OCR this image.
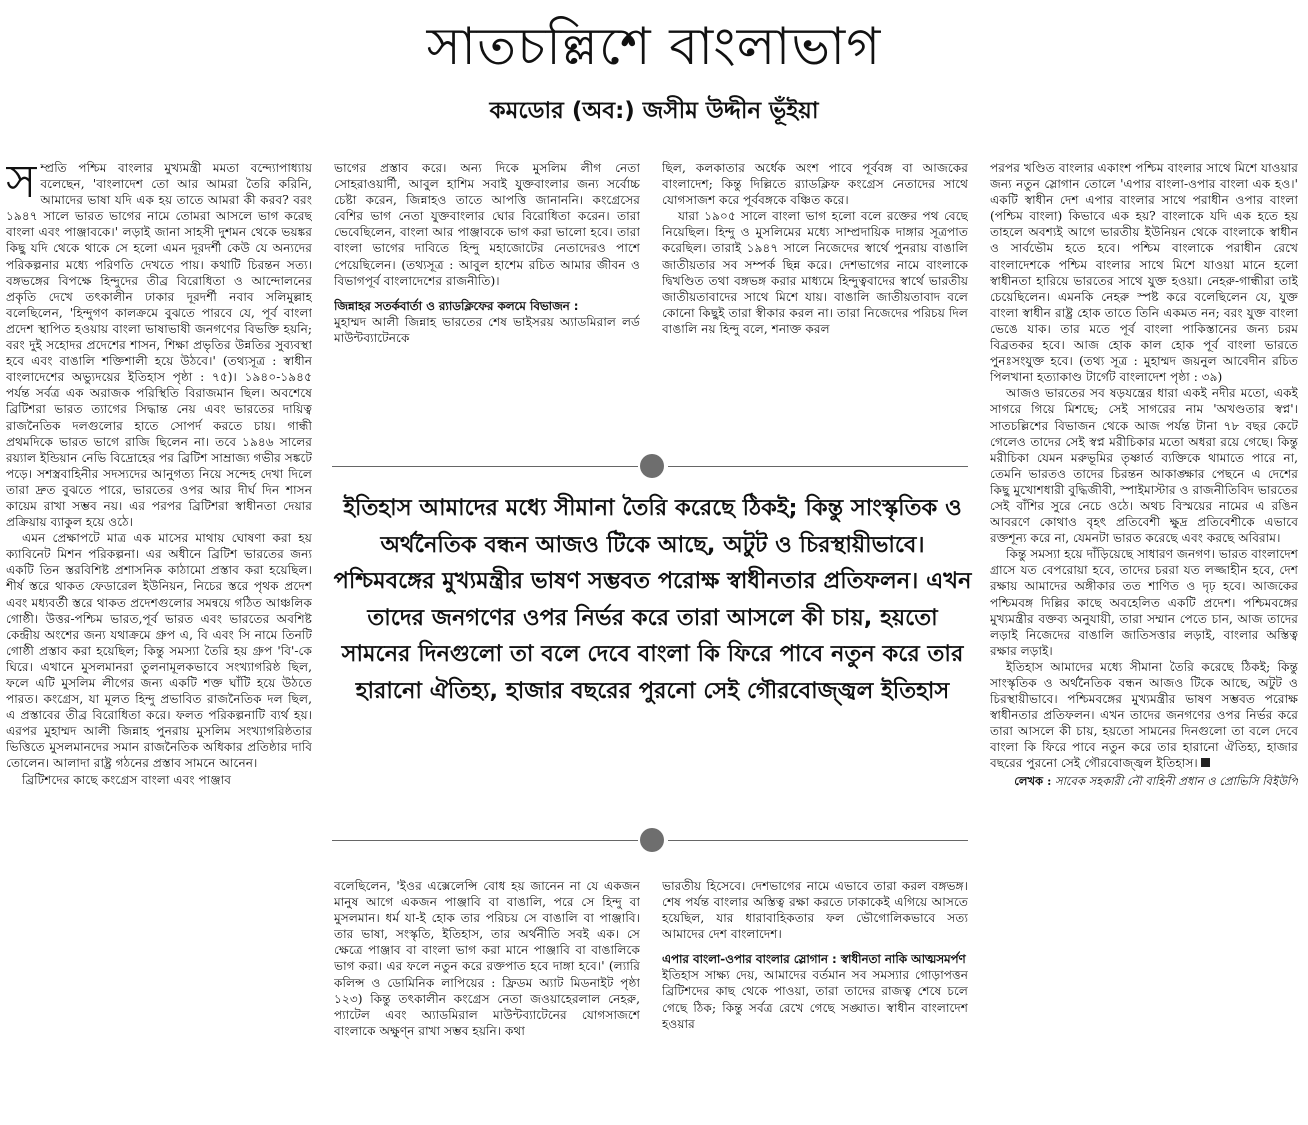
সাতচল্লিশে বাংলাভাগ
কমডোর (অব:) জসীম উদ্দীন ভূঁইয়া

সম্প্রতি পশ্চিম বাংলার মুখ্যমন্ত্রী মমতা বন্দ্যোপাধ্যায় বলেছেন, 'বাংলাদেশ তো আর আমরা তৈরি করিনি, আমাদের ভাষা যদি এক হয় তাতে আমরা কী করব? বরং ১৯৪৭ সালে ভারত ভাগের নামে তোমরা আসলে ভাগ করেছ বাংলা এবং পাঞ্জাবকে।' লড়াই জানা সাহসী দুশমন থেকে ভয়ঙ্কর কিছু যদি থেকে থাকে সে হলো এমন দূরদর্শী কেউ যে অন্যদের পরিকল্পনার মধ্যে পরিণতি দেখতে পায়। কথাটি চিরন্তন সত্য। বঙ্গভঙ্গের বিপক্ষে হিন্দুদের তীব্র বিরোধিতা ও আন্দোলনের প্রকৃতি দেখে তৎকালীন ঢাকার দূরদর্শী নবাব সলিমুল্লাহ বলেছিলেন, 'হিন্দুগণ কালক্রমে বুঝতে পারবে যে, পূর্ব বাংলা প্রদেশ স্থাপিত হওয়ায় বাংলা ভাষাভাষী জনগণের বিভক্তি হয়নি; বরং দুই সহোদর প্রদেশের শাসন, শিক্ষা প্রভৃতির উন্নতির সুব্যবস্থা হবে এবং বাঙালি শক্তিশালী হয়ে উঠবে।' (তথ্যসূত্র : স্বাধীন বাংলাদেশের অভ্যুদয়ের ইতিহাস পৃষ্ঠা : ৭৫)। ১৯৪০-১৯৪৫ পর্যন্ত সর্বত্র এক অরাজক পরিস্থিতি বিরাজমান ছিল। অবশেষে ব্রিটিশরা ভারত ত্যাগের সিদ্ধান্ত নেয় এবং ভারতের দায়িত্ব রাজনৈতিক দলগুলোর হাতে সোপর্দ করতে চায়। গান্ধী প্রথমদিকে ভারত ভাগে রাজি ছিলেন না। তবে ১৯৪৬ সালের রয়্যাল ইন্ডিয়ান নেভি বিদ্রোহের পর ব্রিটিশ সাম্রাজ্য গভীর সঙ্কটে পড়ে। সশস্ত্রবাহিনীর সদস্যদের আনুগত্য নিয়ে সন্দেহ দেখা দিলে তারা দ্রুত বুঝতে পারে, ভারতের ওপর আর দীর্ঘ দিন শাসন কায়েম রাখা সম্ভব নয়। এর পরপর ব্রিটিশরা স্বাধীনতা দেয়ার প্রক্রিয়ায় ব্যাকুল হয়ে ওঠে।

এমন প্রেক্ষাপটে মাত্র এক মাসের মাথায় ঘোষণা করা হয় ক্যাবিনেট মিশন পরিকল্পনা। এর অধীনে ব্রিটিশ ভারতের জন্য একটি তিন স্তরবিশিষ্ট প্রশাসনিক কাঠামো প্রস্তাব করা হয়েছিল। শীর্ষ স্তরে থাকত ফেডারেল ইউনিয়ন, নিচের স্তরে পৃথক প্রদেশ এবং মধ্যবর্তী স্তরে থাকত প্রদেশগুলোর সমন্বয়ে গঠিত আঞ্চলিক গোষ্ঠী। উত্তর-পশ্চিম ভারত,পূর্ব ভারত এবং ভারতের অবশিষ্ট কেন্দ্রীয় অংশের জন্য যথাক্রমে গ্রুপ এ, বি এবং সি নামে তিনটি গোষ্ঠী প্রস্তাব করা হয়েছিল; কিন্তু সমস্যা তৈরি হয় গ্রুপ 'বি'-কে ঘিরে। এখানে মুসলমানরা তুলনামূলকভাবে সংখ্যাগরিষ্ঠ ছিল, ফলে এটি মুসলিম লীগের জন্য একটি শক্ত ঘাঁটি হয়ে উঠতে পারত। কংগ্রেস, যা মূলত হিন্দু প্রভাবিত রাজনৈতিক দল ছিল, এ প্রস্তাবের তীব্র বিরোধিতা করে। ফলত পরিকল্পনাটি ব্যর্থ হয়। এরপর মুহাম্মদ আলী জিন্নাহ পুনরায় মুসলিম সংখ্যাগরিষ্ঠতার ভিত্তিতে মুসলমানদের সমান রাজনৈতিক অধিকার প্রতিষ্ঠার দাবি তোলেন। আলাদা রাষ্ট্র গঠনের প্রস্তাব সামনে আনেন।

ব্রিটিশদের কাছে কংগ্রেস বাংলা এবং পাঞ্জাব

ভাগের প্রস্তাব করে। অন্য দিকে মুসলিম লীগ নেতা সোহরাওয়ার্দী, আবুল হাশিম সবাই যুক্তবাংলার জন্য সর্বোচ্চ চেষ্টা করেন, জিন্নাহও তাতে আপত্তি জানাননি। কংগ্রেসের বেশির ভাগ নেতা যুক্তবাংলার ঘোর বিরোধিতা করেন। তারা ভেবেছিলেন, বাংলা আর পাঞ্জাবকে ভাগ করা ভালো হবে। তারা বাংলা ভাগের দাবিতে হিন্দু মহাজোটের নেতাদেরও পাশে পেয়েছিলেন। (তথ্যসূত্র : আবুল হাশেম রচিত আমার জীবন ও বিভাগপূর্ব বাংলাদেশের রাজনীতি)।

জিন্নাহর সতর্কবার্তা ও র‌্যাডক্লিফের কলমে বিভাজন :

মুহাম্মদ আলী জিন্নাহ ভারতের শেষ ভাইসরয় অ্যাডমিরাল লর্ড মাউন্টব্যাটেনকে

ছিল, কলকাতার অর্ধেক অংশ পাবে পূর্ববঙ্গ বা আজকের বাংলাদেশ; কিন্তু দিল্লিতে র‌্যাডক্লিফ কংগ্রেস নেতাদের সাথে যোগসাজশ করে পূর্ববঙ্গকে বঞ্চিত করে।

যারা ১৯০৫ সালে বাংলা ভাগ হলো বলে রক্তের পথ বেছে নিয়েছিল। হিন্দু ও মুসলিমের মধ্যে সাম্প্রদায়িক দাঙ্গার সূত্রপাত করেছিল। তারাই ১৯৪৭ সালে নিজেদের স্বার্থে পুনরায় বাঙালি জাতীয়তার সব সম্পর্ক ছিন্ন করে। দেশভাগের নামে বাংলাকে দ্বিখণ্ডিত তথা বঙ্গভঙ্গ করার মাধ্যমে হিন্দুত্ববাদের স্বার্থে ভারতীয় জাতীয়তাবাদের সাথে মিশে যায়। বাঙালি জাতীয়তাবাদ বলে কোনো কিছুই তারা স্বীকার করল না। তারা নিজেদের পরিচয় দিল বাঙালি নয় হিন্দু বলে, শনাক্ত করল

পরপর খণ্ডিত বাংলার একাংশ পশ্চিম বাংলার সাথে মিশে যাওয়ার জন্য নতুন স্লোগান তোলে 'এপার বাংলা-ওপার বাংলা এক হও।' একটি স্বাধীন দেশ এপার বাংলার সাথে পরাধীন ওপার বাংলা (পশ্চিম বাংলা) কিভাবে এক হয়? বাংলাকে যদি এক হতে হয় তাহলে অবশ্যই আগে ভারতীয় ইউনিয়ন থেকে বাংলাকে স্বাধীন ও সার্বভৌম হতে হবে। পশ্চিম বাংলাকে পরাধীন রেখে বাংলাদেশকে পশ্চিম বাংলার সাথে মিশে যাওয়া মানে হলো স্বাধীনতা হারিয়ে ভারতের সাথে যুক্ত হওয়া। নেহরু-গান্ধীরা তাই চেয়েছিলেন। এমনকি নেহরু স্পষ্ট করে বলেছিলেন যে, যুক্ত বাংলা স্বাধীন রাষ্ট্র হোক তাতে তিনি একমত নন; বরং যুক্ত বাংলা ভেঙে যাক। তার মতে পূর্ব বাংলা পাকিস্তানের জন্য চরম বিব্রতকর হবে। আজ হোক কাল হোক পূর্ব বাংলা ভারতে পুনঃসংযুক্ত হবে। (তথ্য সূত্র : মুহাম্মদ জয়নুল আবেদীন রচিত পিলখানা হত্যাকাণ্ড টার্গেট বাংলাদেশ পৃষ্ঠা : ৩৯)

আজও ভারতের সব ষড়যন্ত্রের ধারা একই নদীর মতো, একই সাগরে গিয়ে মিশছে; সেই সাগরের নাম 'অখণ্ডতার স্বপ্ন'। সাতচল্লিশের বিভাজন থেকে আজ পর্যন্ত টানা ৭৮ বছর কেটে গেলেও তাদের সেই স্বপ্ন মরীচিকার মতো অধরা রয়ে গেছে। কিন্তু মরীচিকা যেমন মরুভূমির তৃষ্ণার্ত ব্যক্তিকে থামাতে পারে না, তেমনি ভারতও তাদের চিরন্তন আকাঙ্ক্ষার পেছনে এ দেশের কিছু মুখোশধারী বুদ্ধিজীবী, স্পাইমাস্টার ও রাজনীতিবিদ ভারতের সেই বাঁশির সুরে নেচে ওঠে। অথচ বিস্ময়ের নামের এ রঙিন আবরণে কোথাও বৃহৎ প্রতিবেশী ক্ষুদ্র প্রতিবেশীকে এভাবে রক্তশূন্য করে না, যেমনটা ভারত করেছে এবং করছে অবিরাম।

কিন্তু সমস্যা হয়ে দাঁড়িয়েছে সাধারণ জনগণ। ভারত বাংলাদেশ গ্রাসে যত বেপরোয়া হবে, তাদের চররা যত লজ্জাহীন হবে, দেশ রক্ষায় আমাদের অঙ্গীকার তত শাণিত ও দৃঢ় হবে। আজকের পশ্চিমবঙ্গ দিল্লির কাছে অবহেলিত একটি প্রদেশ। পশ্চিমবঙ্গের মুখ্যমন্ত্রীর বক্তব্য অনুযায়ী, তারা সম্মান পেতে চান, আজ তাদের লড়াই নিজেদের বাঙালি জাতিসত্তার লড়াই, বাংলার অস্তিত্ব রক্ষার লড়াই।

ইতিহাস আমাদের মধ্যে সীমানা তৈরি করেছে ঠিকই; কিন্তু সাংস্কৃতিক ও অর্থনৈতিক বন্ধন আজও টিকে আছে, অটুট ও চিরস্থায়ীভাবে। পশ্চিমবঙ্গের মুখ্যমন্ত্রীর ভাষণ সম্ভবত পরোক্ষ স্বাধীনতার প্রতিফলন। এখন তাদের জনগণের ওপর নির্ভর করে তারা আসলে কী চায়, হয়তো সামনের দিনগুলো তা বলে দেবে বাংলা কি ফিরে পাবে নতুন করে তার হারানো ঐতিহ্য, হাজার বছরের পুরনো সেই গৌরবোজ্জ্বল ইতিহাস।

লেখক : সাবেক সহকারী নৌ বাহিনী প্রধান ও প্রোভিসি বিইউপি
ইতিহাস আমাদের মধ্যে সীমানা তৈরি করেছে ঠিকই; কিন্তু সাংস্কৃতিক ও অর্থনৈতিক বন্ধন আজও টিকে আছে, অটুট ও চিরস্থায়ীভাবে। পশ্চিমবঙ্গের মুখ্যমন্ত্রীর ভাষণ সম্ভবত পরোক্ষ স্বাধীনতার প্রতিফলন। এখন তাদের জনগণের ওপর নির্ভর করে তারা আসলে কী চায়, হয়তো সামনের দিনগুলো তা বলে দেবে বাংলা কি ফিরে পাবে নতুন করে তার হারানো ঐতিহ্য, হাজার বছরের পুরনো সেই গৌরবোজ্জ্বল ইতিহাস

বলেছিলেন, 'ইওর এক্সেলেন্সি বোধ হয় জানেন না যে একজন মানুষ আগে একজন পাঞ্জাবি বা বাঙালি, পরে সে হিন্দু বা মুসলমান। ধর্ম যা-ই হোক তার পরিচয় সে বাঙালি বা পাঞ্জাবি। তার ভাষা, সংস্কৃতি, ইতিহাস, তার অর্থনীতি সবই এক। সে ক্ষেত্রে পাঞ্জাব বা বাংলা ভাগ করা মানে পাঞ্জাবি বা বাঙালিকে ভাগ করা। এর ফলে নতুন করে রক্তপাত হবে দাঙ্গা হবে।' (ল্যারি কলিন্স ও ডোমিনিক লাপিয়ের : ফ্রিডম অ্যাট মিডনাইট পৃষ্ঠা ১২৩) কিন্তু তৎকালীন কংগ্রেস নেতা জওয়াহেরলাল নেহরু, প্যাটেল এবং অ্যাডমিরাল মাউন্টব্যাটেনের যোগসাজশে বাংলাকে অক্ষুণ্ন রাখা সম্ভব হয়নি। কথা

ভারতীয় হিসেবে। দেশভাগের নামে এভাবে তারা করল বঙ্গভঙ্গ। শেষ পর্যন্ত বাংলার অস্তিত্ব রক্ষা করতে ঢাকাকেই এগিয়ে আসতে হয়েছিল, যার ধারাবাহিকতার ফল ভৌগোলিকভাবে সত্য আমাদের দেশ বাংলাদেশ।

এপার বাংলা-ওপার বাংলার স্লোগান : স্বাধীনতা নাকি আত্মসমর্পণ

ইতিহাস সাক্ষ্য দেয়, আমাদের বর্তমান সব সমস্যার গোড়াপত্তন ব্রিটিশদের কাছ থেকে পাওয়া, তারা তাদের রাজত্ব শেষে চলে গেছে ঠিক; কিন্তু সর্বত্র রেখে গেছে সঙ্ঘাত। স্বাধীন বাংলাদেশ হওয়ার
